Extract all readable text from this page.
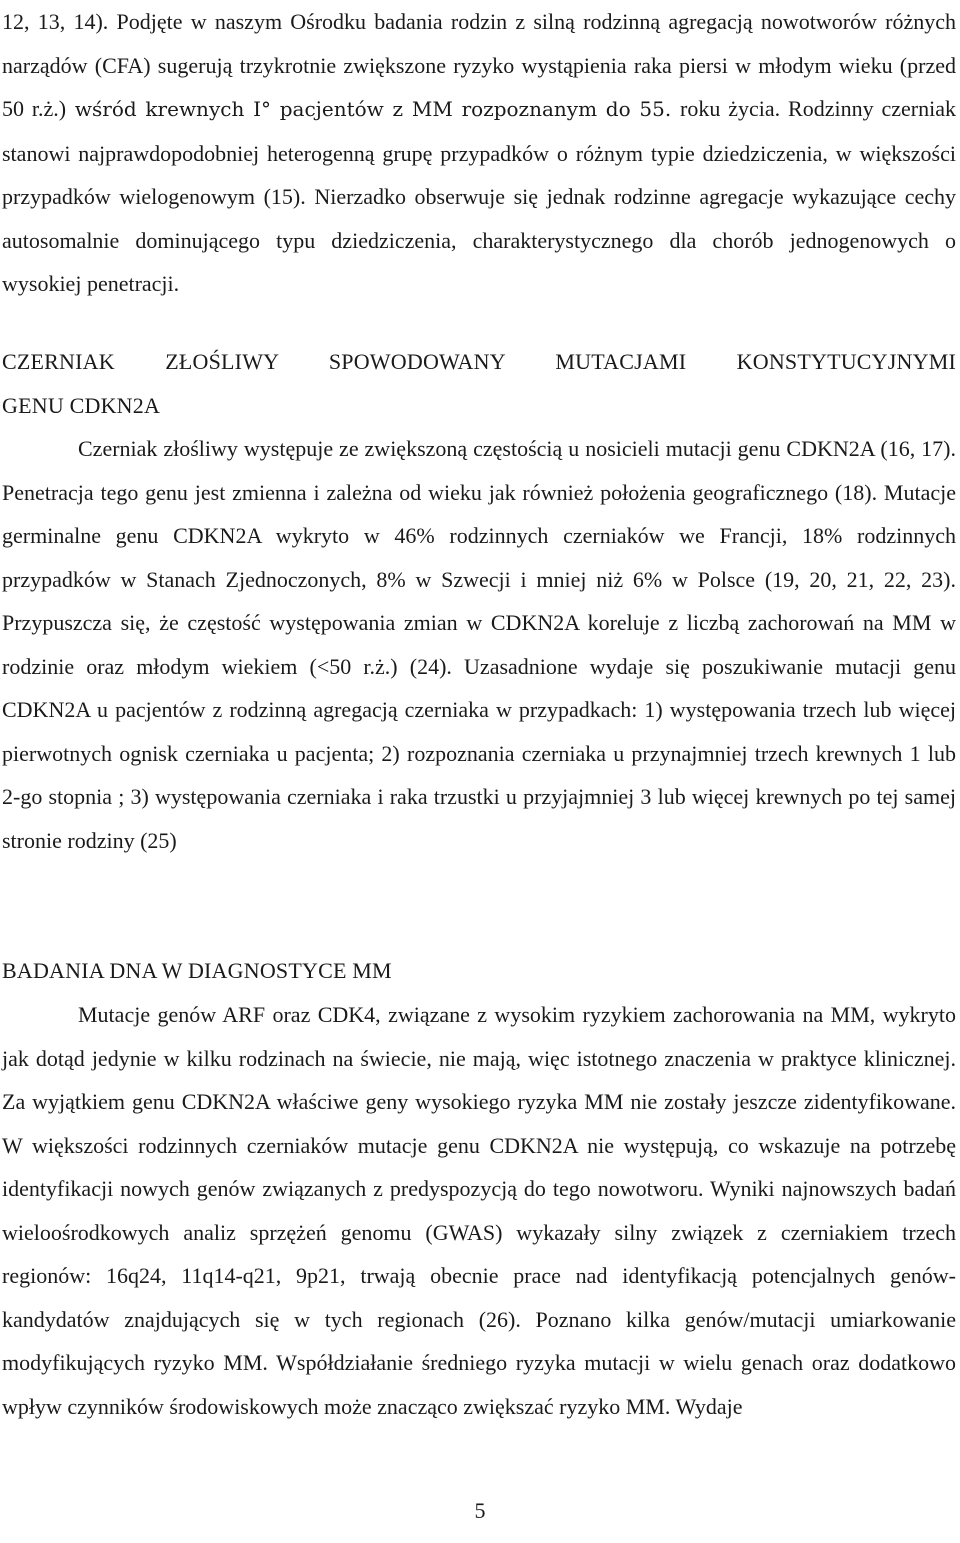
12, 13, 14). Podjęte w naszym Ośrodku badania rodzin z silną rodzinną agregacją nowotworów różnych narządów (CFA) sugerują trzykrotnie zwiększone ryzyko wystąpienia raka piersi w młodym wieku (przed 50 r.ż.) wśród krewnych I° pacjentów z MM rozpoznanym do 55. roku życia. Rodzinny czerniak stanowi najprawdopodobniej heterogenną grupę przypadków o różnym typie dziedziczenia, w większości przypadków wielogenowym (15). Nierzadko obserwuje się jednak rodzinne agregacje wykazujące cechy autosomalnie dominującego typu dziedziczenia, charakterystycznego dla chorób jednogenowych o wysokiej penetracji.

CZERNIAK ZŁOŚLIWY SPOWODOWANY MUTACJAMI KONSTYTUCYJNYMI
GENU CDKN2A

Czerniak złośliwy występuje ze zwiększoną częstością u nosicieli mutacji genu CDKN2A (16, 17). Penetracja tego genu jest zmienna i zależna od wieku jak również położenia geograficznego (18). Mutacje germinalne genu CDKN2A wykryto w 46% rodzinnych czerniaków we Francji, 18% rodzinnych przypadków w Stanach Zjednoczonych, 8% w Szwecji i mniej niż 6% w Polsce (19, 20, 21, 22, 23). Przypuszcza się, że częstość występowania zmian w CDKN2A koreluje z liczbą zachorowań na MM w rodzinie oraz młodym wiekiem (<50 r.ż.) (24). Uzasadnione wydaje się poszukiwanie mutacji genu CDKN2A u pacjentów z rodzinną agregacją czerniaka w przypadkach: 1) występowania trzech lub więcej pierwotnych ognisk czerniaka u pacjenta; 2) rozpoznania czerniaka u przynajmniej trzech krewnych 1 lub 2-go stopnia ; 3) występowania czerniaka i raka trzustki u przyjajmniej 3 lub więcej krewnych po tej samej stronie rodziny (25)

BADANIA DNA W DIAGNOSTYCE MM

Mutacje genów ARF oraz CDK4, związane z wysokim ryzykiem zachorowania na MM, wykryto jak dotąd jedynie w kilku rodzinach na świecie, nie mają, więc istotnego znaczenia w praktyce klinicznej. Za wyjątkiem genu CDKN2A właściwe geny wysokiego ryzyka MM nie zostały jeszcze zidentyfikowane. W większości rodzinnych czerniaków mutacje genu CDKN2A nie występują, co wskazuje na potrzebę identyfikacji nowych genów związanych z predyspozycją do tego nowotworu. Wyniki najnowszych badań wieloośrodkowych analiz sprzężeń genomu (GWAS) wykazały silny związek z czerniakiem trzech regionów: 16q24, 11q14-q21, 9p21, trwają obecnie prace nad identyfikacją potencjalnych genów-kandydatów znajdujących się w tych regionach (26). Poznano kilka genów/mutacji umiarkowanie modyfikujących ryzyko MM. Współdziałanie średniego ryzyka mutacji w wielu genach oraz dodatkowo wpływ czynników środowiskowych może znacząco zwiększać ryzyko MM. Wydaje

5
